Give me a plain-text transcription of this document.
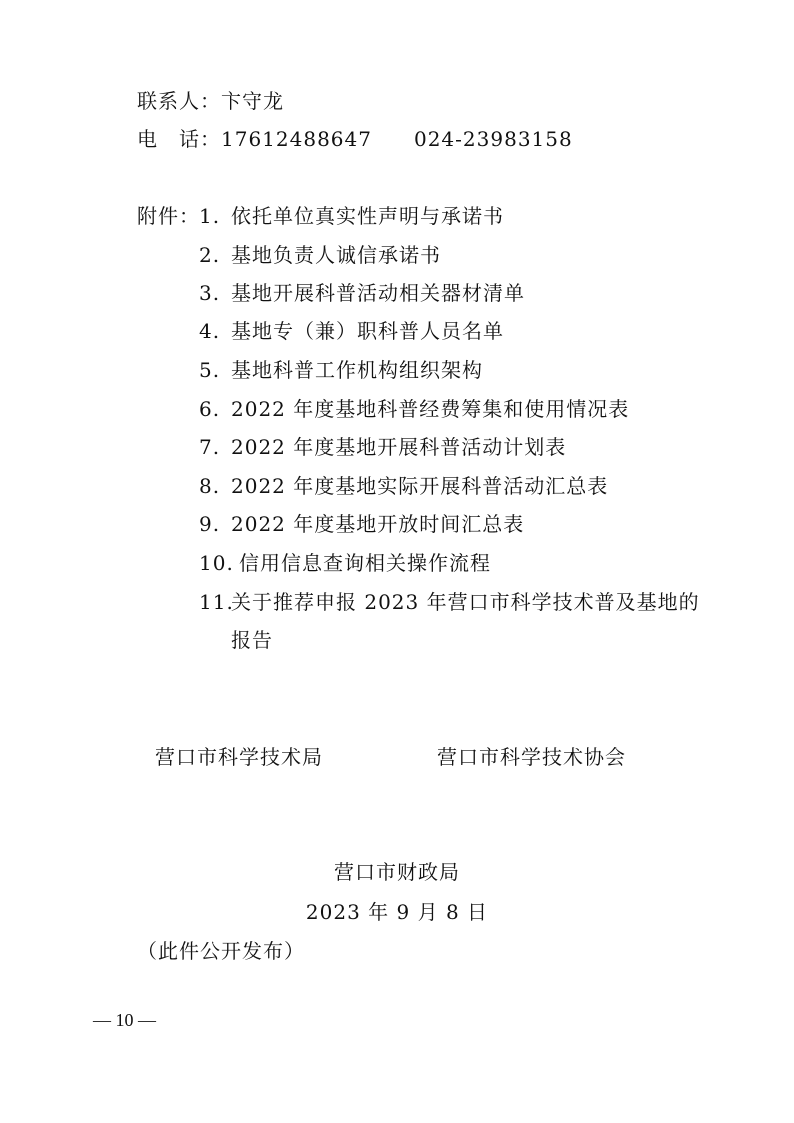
联系人：卞守龙
电　话：17612488647 024-23983158
附件： 1. 依托单位真实性声明与承诺书
2. 基地负责人诚信承诺书
3. 基地开展科普活动相关器材清单
4. 基地专（兼）职科普人员名单
5. 基地科普工作机构组织架构
6. 2022 年度基地科普经费筹集和使用情况表
7. 2022 年度基地开展科普活动计划表
8. 2022 年度基地实际开展科普活动汇总表
9. 2022 年度基地开放时间汇总表
10. 信用信息查询相关操作流程
11.关于推荐申报 2023 年营口市科学技术普及基地的
报告
营口市科学技术局	营口市科学技术协会
营口市财政局
2023 年 9 月 8 日
（此件公开发布）
— 10 —
